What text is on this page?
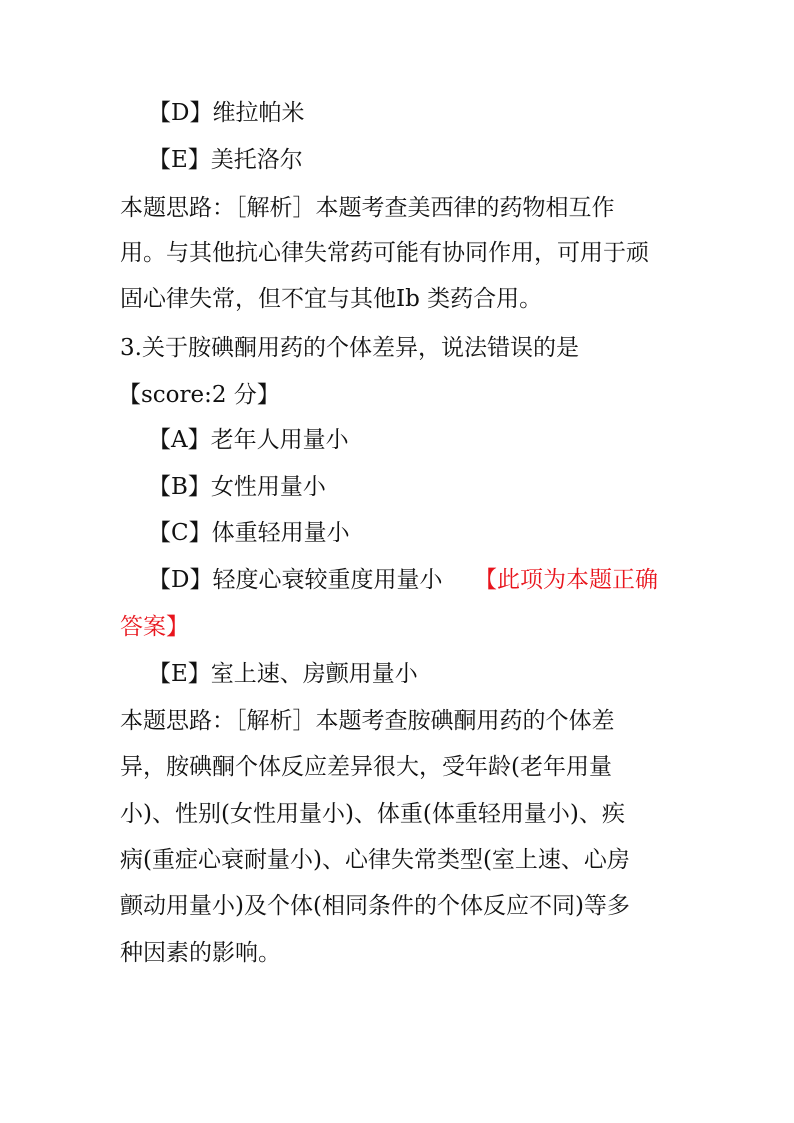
【D】维拉帕米
【E】美托洛尔
本题思路：［解析］本题考查美西律的药物相互作
用。与其他抗心律失常药可能有协同作用，可用于顽
固心律失常，但不宜与其他Ⅰb 类药合用。
3.关于胺碘酮用药的个体差异，说法错误的是
【score:2 分】
【A】老年人用量小
【B】女性用量小
【C】体重轻用量小
【D】轻度心衰较重度用量小 【此项为本题正确
答案】
【E】室上速、房颤用量小
本题思路：［解析］本题考查胺碘酮用药的个体差
异，胺碘酮个体反应差异很大，受年龄(老年用量
小)、性别(女性用量小)、体重(体重轻用量小)、疾
病(重症心衰耐量小)、心律失常类型(室上速、心房
颤动用量小)及个体(相同条件的个体反应不同)等多
种因素的影响。
